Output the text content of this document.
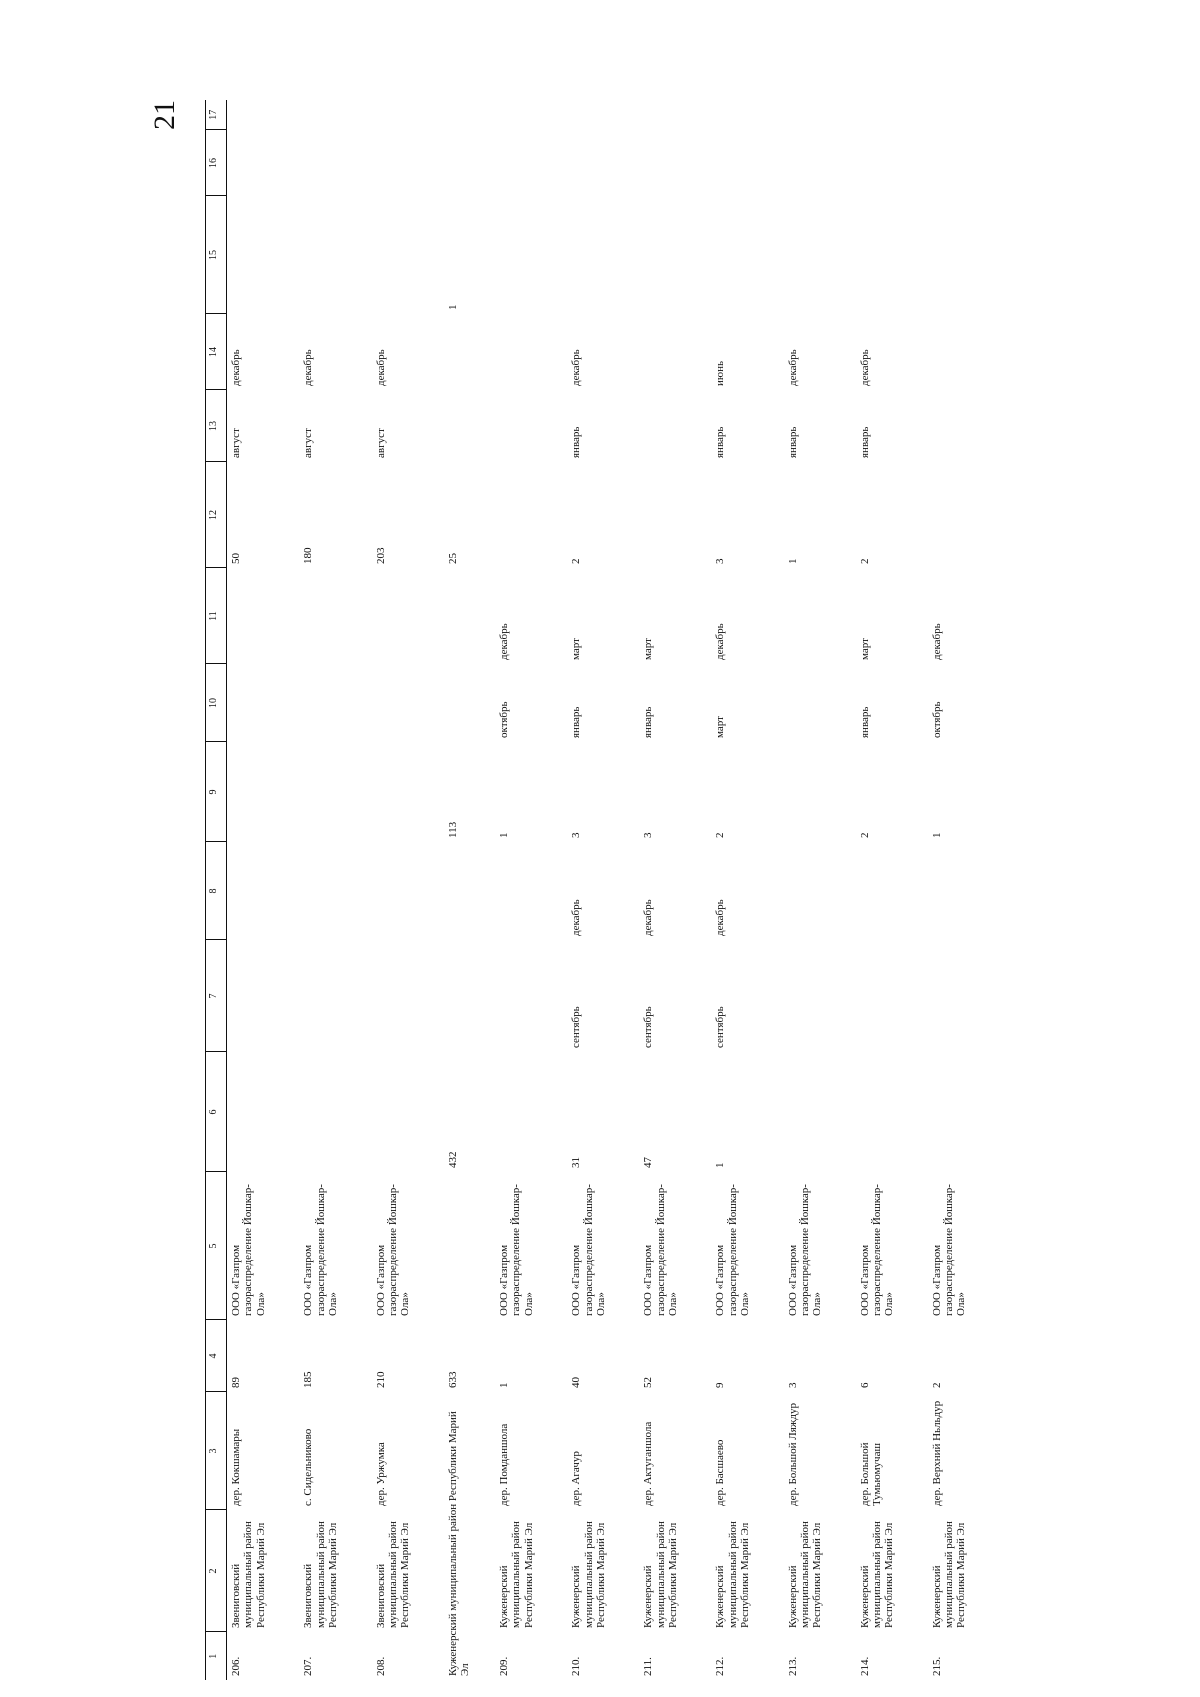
21
1	2	3	4	5	6	7	8	9	10	11	12	13	14	15	16	17
206.	Звениговский муниципальный район Республики Марий Эл	дер. Кокшамары	89	ООО «Газпром газораспределение Йошкар-Ола»							50	август	декабрь			
207.	Звениговский муниципальный район Республики Марий Эл	с. Сидельниково	185	ООО «Газпром газораспределение Йошкар-Ола»							180	август	декабрь			
208.	Звениговский муниципальный район Республики Марий Эл	дер. Уржумка	210	ООО «Газпром газораспределение Йошкар-Ола»							203	август	декабрь			
Куженерский муниципальный район Республики Марий Эл			633		432			113			25			1		
209.	Куженерский муниципальный район Республики Марий Эл	дер. Помданшола	1	ООО «Газпром газораспределение Йошкар-Ола»				1	октябрь	декабрь						
210.	Куженерский муниципальный район Республики Марий Эл	дер. Агачур	40	ООО «Газпром газораспределение Йошкар-Ола»	31	сентябрь	декабрь	3	январь	март	2	январь	декабрь			
211.	Куженерский муниципальный район Республики Марий Эл	дер. Актуганшола	52	ООО «Газпром газораспределение Йошкар-Ола»	47	сентябрь	декабрь	3	январь	март						
212.	Куженерский муниципальный район Республики Марий Эл	дер. Басшаево	9	ООО «Газпром газораспределение Йошкар-Ола»	1	сентябрь	декабрь	2	март	декабрь	3	январь	июнь			
213.	Куженерский муниципальный район Республики Марий Эл	дер. Большой Ляждур	3	ООО «Газпром газораспределение Йошкар-Ола»							1	январь	декабрь			
214.	Куженерский муниципальный район Республики Марий Эл	дер. Большой Тумьюмучаш	6	ООО «Газпром газораспределение Йошкар-Ола»				2	январь	март	2	январь	декабрь			
215.	Куженерский муниципальный район Республики Марий Эл	дер. Верхний Ньльдур	2	ООО «Газпром газораспределение Йошкар-Ола»				1	октябрь	декабрь						
